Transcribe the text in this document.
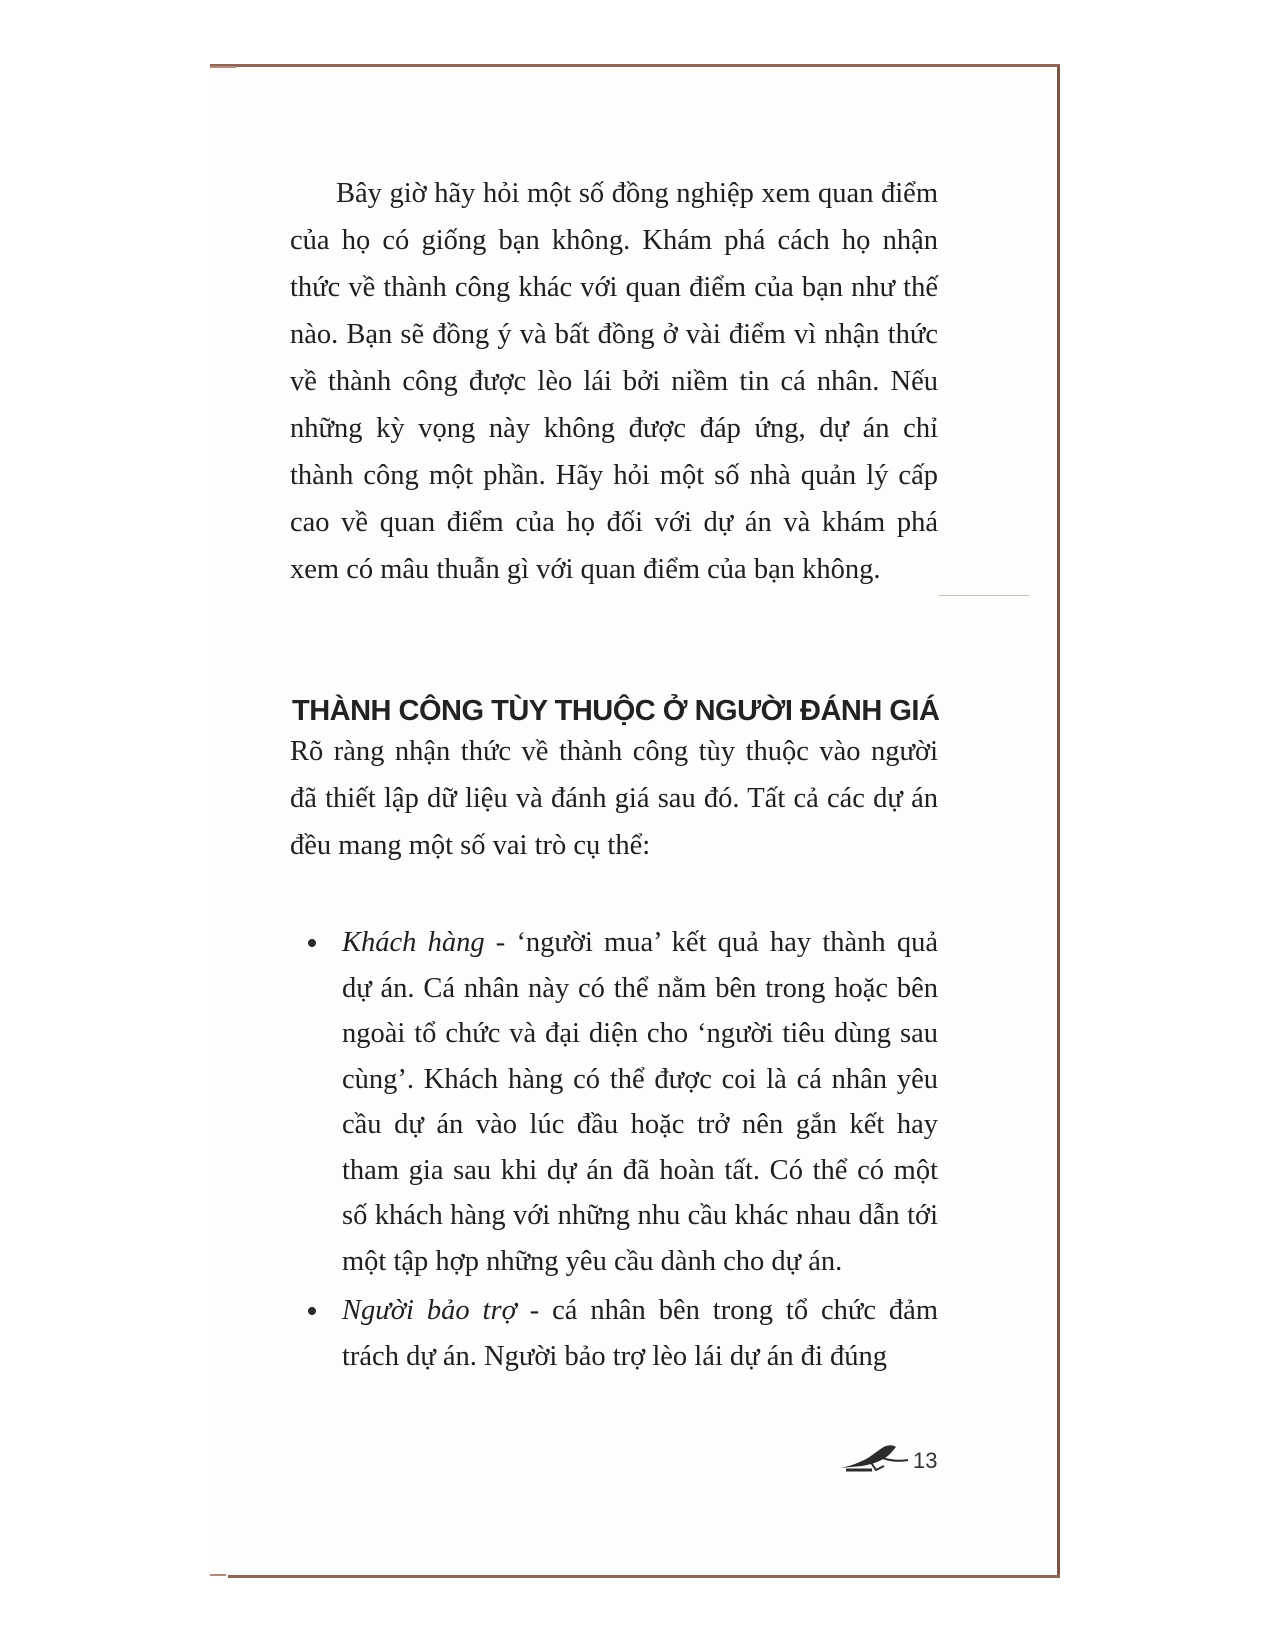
Bây giờ hãy hỏi một số đồng nghiệp xem quan điểm của họ có giống bạn không. Khám phá cách họ nhận thức về thành công khác với quan điểm của bạn như thế nào. Bạn sẽ đồng ý và bất đồng ở vài điểm vì nhận thức về thành công được lèo lái bởi niềm tin cá nhân. Nếu những kỳ vọng này không được đáp ứng, dự án chỉ thành công một phần. Hãy hỏi một số nhà quản lý cấp cao về quan điểm của họ đối với dự án và khám phá xem có mâu thuẫn gì với quan điểm của bạn không.

THÀNH CÔNG TÙY THUỘC Ở NGƯỜI ĐÁNH GIÁ

Rõ ràng nhận thức về thành công tùy thuộc vào người đã thiết lập dữ liệu và đánh giá sau đó. Tất cả các dự án đều mang một số vai trò cụ thể:

Khách hàng - ‘người mua’ kết quả hay thành quả dự án. Cá nhân này có thể nằm bên trong hoặc bên ngoài tổ chức và đại diện cho ‘người tiêu dùng sau cùng’. Khách hàng có thể được coi là cá nhân yêu cầu dự án vào lúc đầu hoặc trở nên gắn kết hay tham gia sau khi dự án đã hoàn tất. Có thể có một số khách hàng với những nhu cầu khác nhau dẫn tới một tập hợp những yêu cầu dành cho dự án.
Người bảo trợ - cá nhân bên trong tổ chức đảm trách dự án. Người bảo trợ lèo lái dự án đi đúng
13
